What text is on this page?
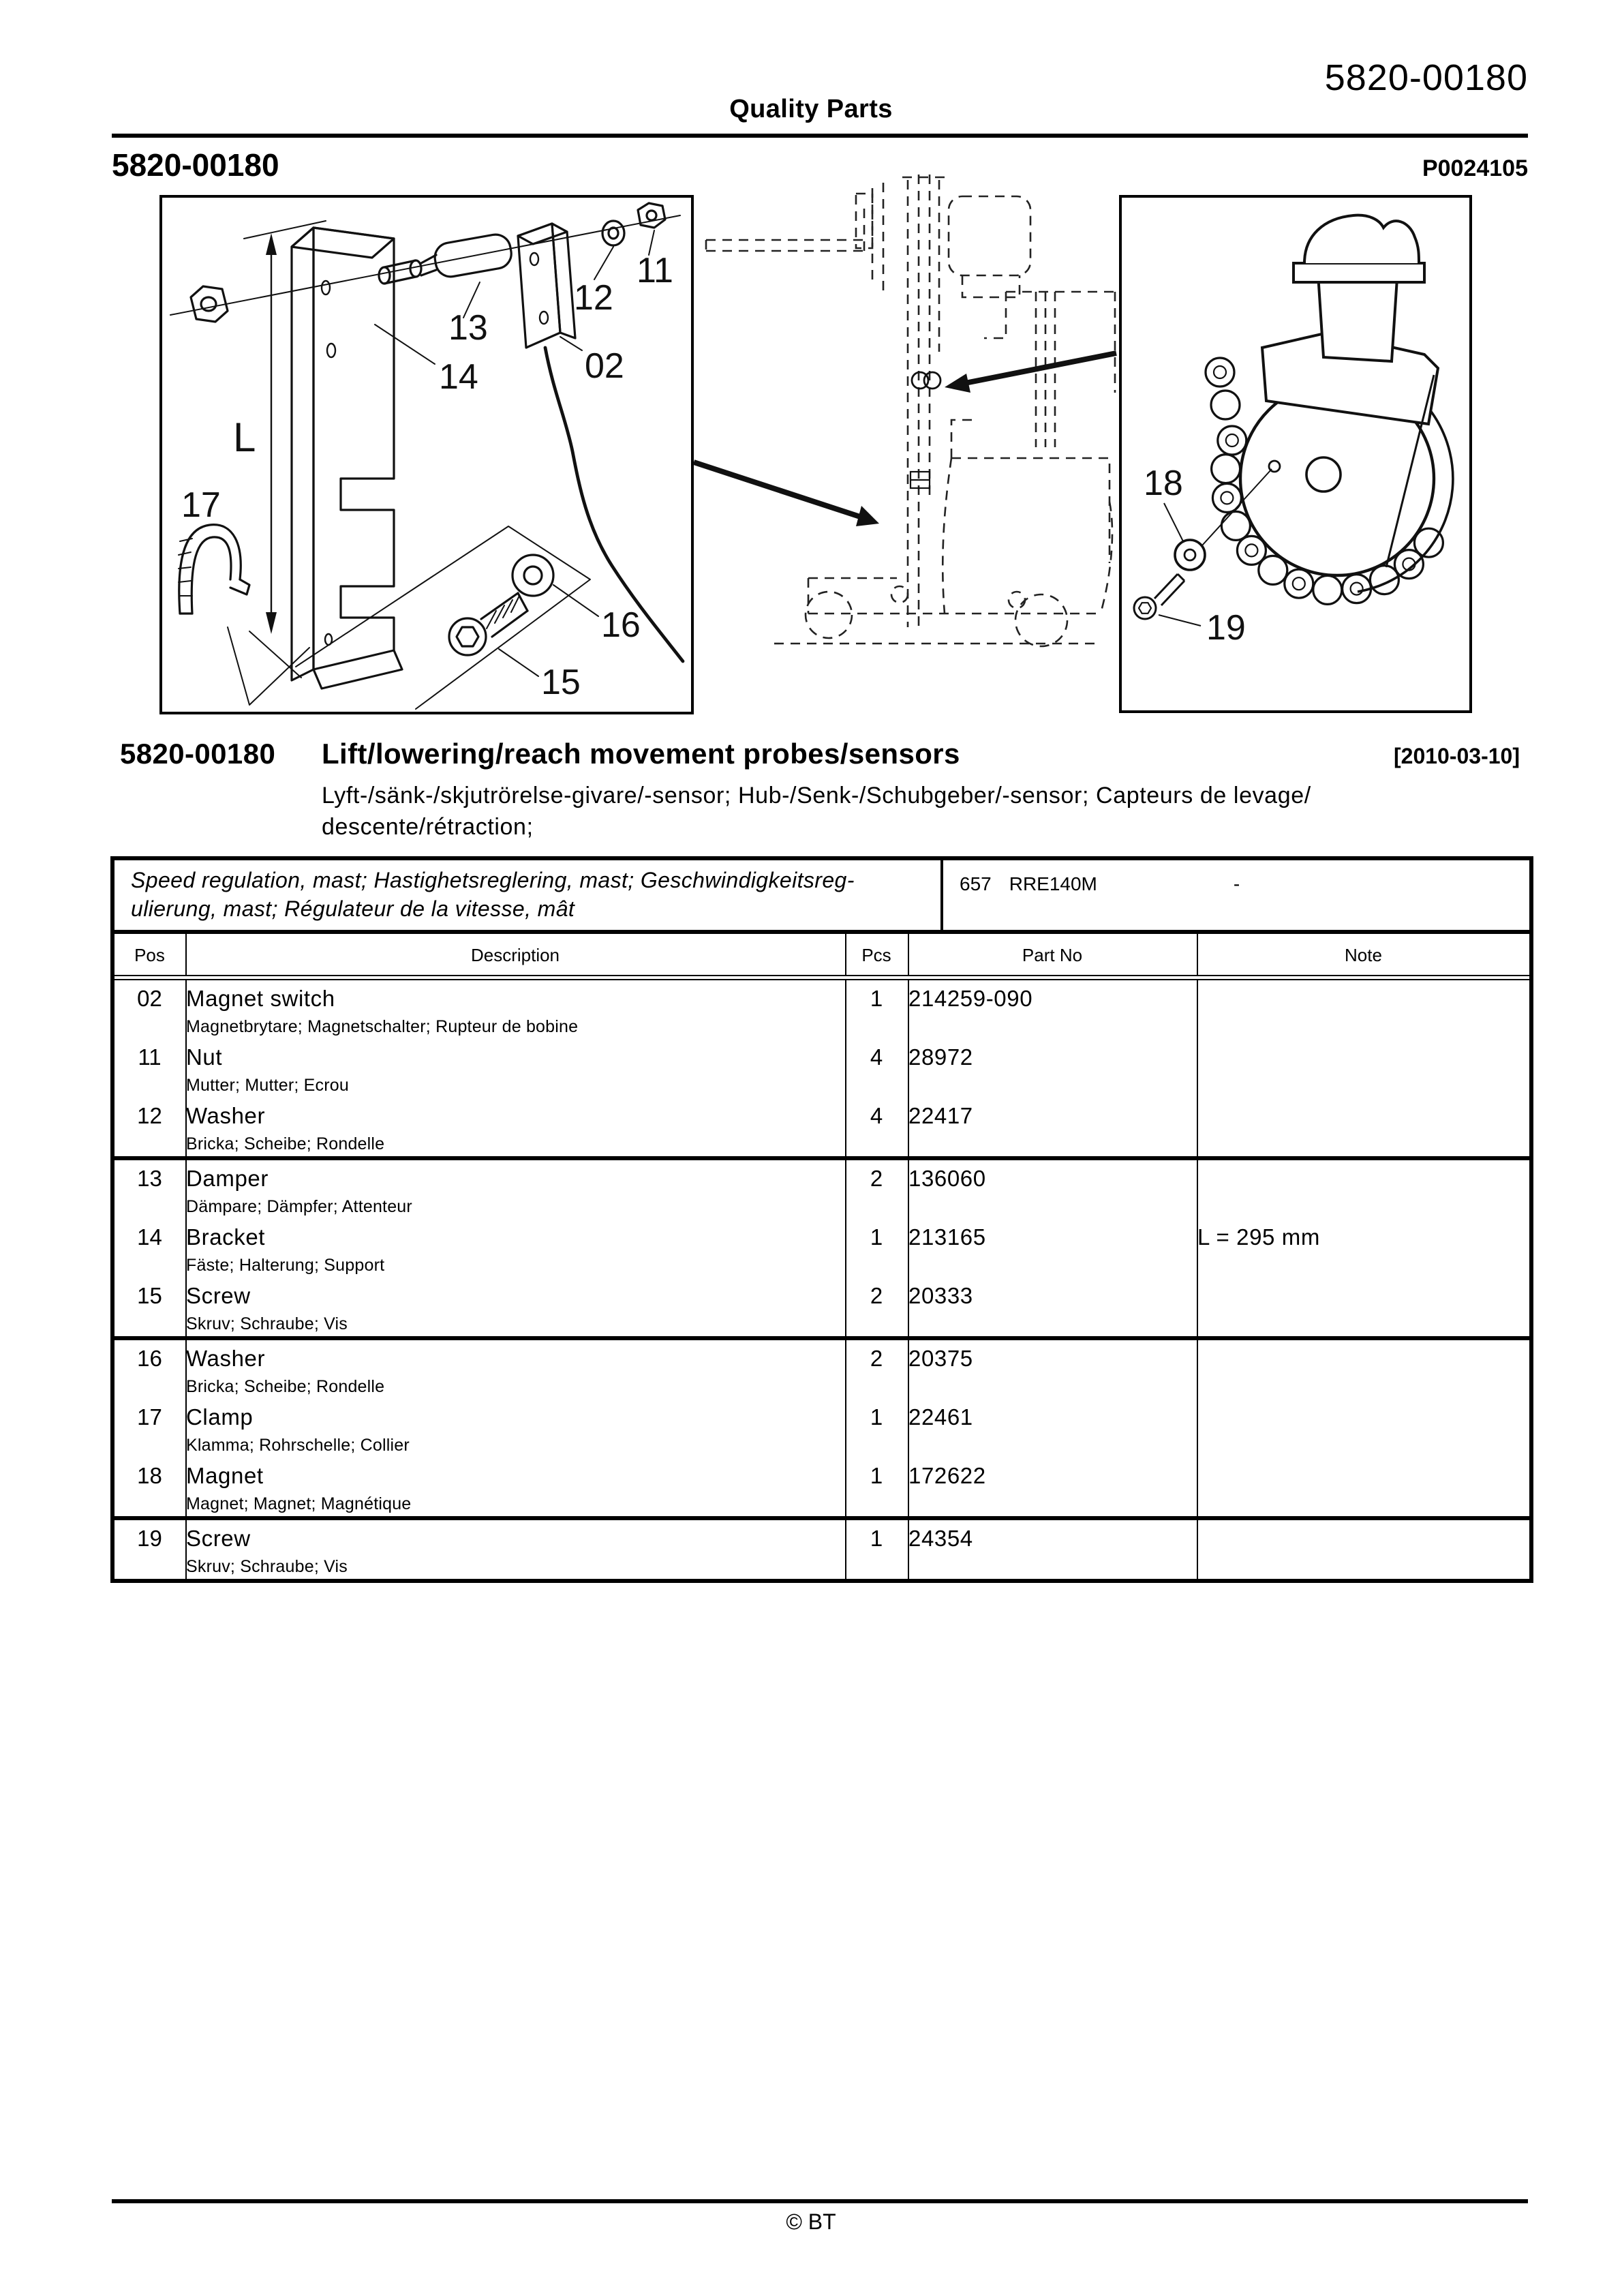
Quality Parts
5820-00180
5820-00180	P0024105
13
14
12
11
02
L
17
16
15
18
19
5820-00180	Lift/lowering/reach movement probes/sensors	[2010-03-10]
Lyft-/sänk-/skjutrörelse-givare/-sensor; Hub-/Senk-/Schubgeber/-sensor; Capteurs de levage/
descente/rétraction;
Speed regulation, mast; Hastighetsreglering, mast; Geschwindigkeitsreg-
ulierung, mast; Régulateur de la vitesse, mât
657 RRE140M	-
Pos	Description	Pcs	Part No	Note
02	Magnet switch
Magnetbrytare; Magnetschalter; Rupteur de bobine	1	214259-090	
11	Nut
Mutter; Mutter; Ecrou	4	28972	
12	Washer
Bricka; Scheibe; Rondelle	4	22417	
13	Damper
Dämpare; Dämpfer; Attenteur	2	136060	
14	Bracket
Fäste; Halterung; Support	1	213165	L = 295 mm
15	Screw
Skruv; Schraube; Vis	2	20333	
16	Washer
Bricka; Scheibe; Rondelle	2	20375	
17	Clamp
Klamma; Rohrschelle; Collier	1	22461	
18	Magnet
Magnet; Magnet; Magnétique	1	172622	
19	Screw
Skruv; Schraube; Vis	1	24354	
© BT
